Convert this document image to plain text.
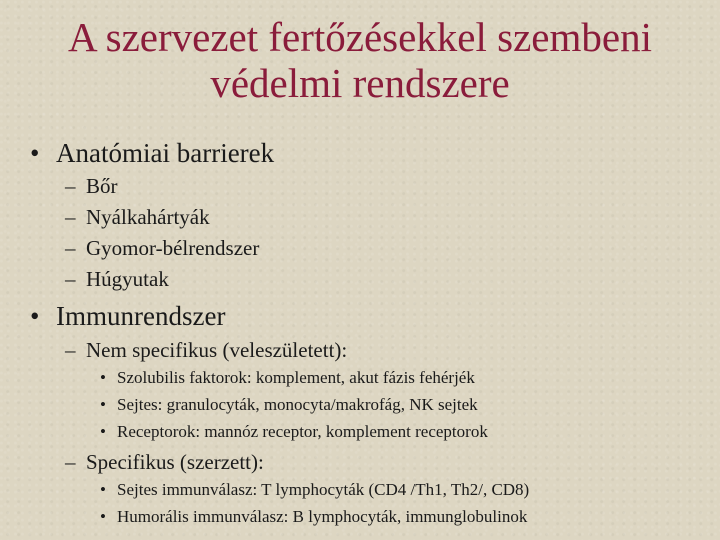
A szervezet fertőzésekkel szembeni
védelmi rendszere
• Anatómiai barrierek
– Bőr
– Nyálkahártyák
– Gyomor-bélrendszer
– Húgyutak
• Immunrendszer
– Nem specifikus (veleszületett):
• Szolubilis faktorok: komplement, akut fázis fehérjék
• Sejtes: granulocyták, monocyta/makrofág, NK sejtek
• Receptorok: mannóz receptor, komplement receptorok
– Specifikus (szerzett):
• Sejtes immunválasz: T lymphocyták (CD4 /Th1, Th2/, CD8)
• Humorális immunválasz: B lymphocyták, immunglobulinok
